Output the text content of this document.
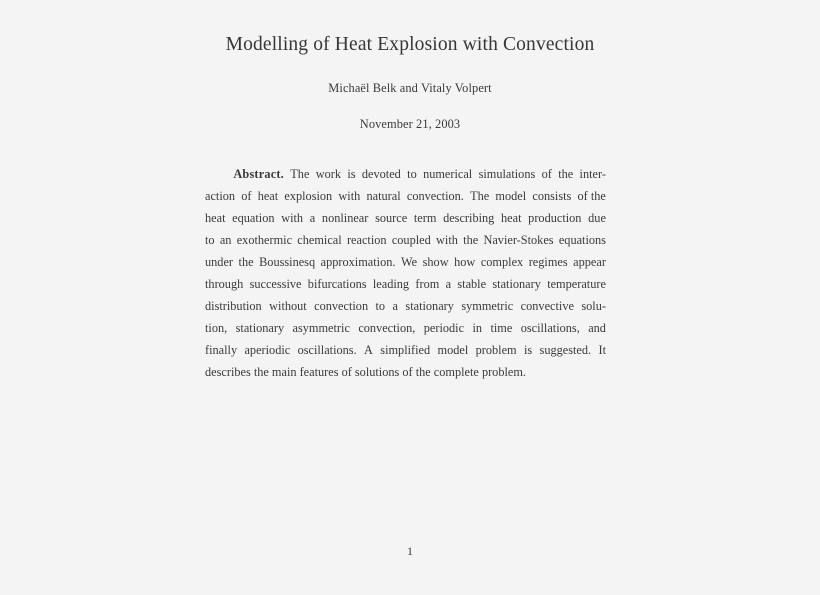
Modelling of Heat Explosion with Convection
Michaël Belk and Vitaly Volpert
November 21, 2003
Abstract. The work is devoted to numerical simulations of the inter-
action of heat explosion with natural convection. The model consists of the
heat equation with a nonlinear source term describing heat production due
to an exothermic chemical reaction coupled with the Navier-Stokes equations
under the Boussinesq approximation. We show how complex regimes appear
through successive bifurcations leading from a stable stationary temperature
distribution without convection to a stationary symmetric convective solu-
tion, stationary asymmetric convection, periodic in time oscillations, and
finally aperiodic oscillations. A simplified model problem is suggested. It
describes the main features of solutions of the complete problem.
1
